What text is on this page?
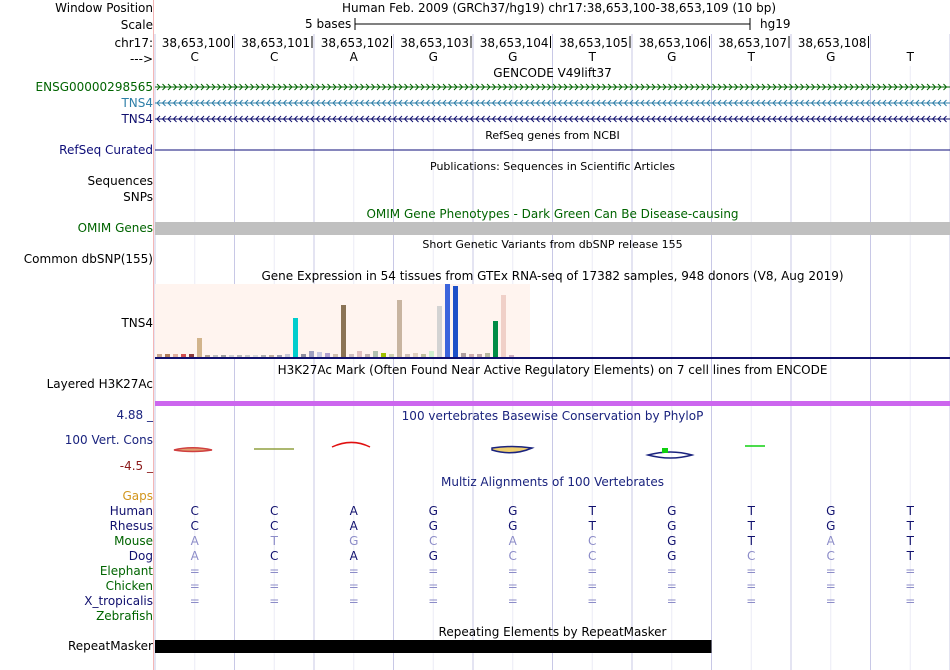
Window Position	Human Feb. 2009 (GRCh37/hg19) chr17:38,653,100-38,653,109 (10 bp)
Scale	5 bases	hg19
chr17:
--->
38,653,100 38,653,101 38,653,102 38,653,103 38,653,104 38,653,105 38,653,106 38,653,107 38,653,108
C	C	A	G	G	T	G	T	G	T
GENCODE V49lift37
ENSG00000298565
TNS4
TNS4
RefSeq genes from NCBI
RefSeq Curated
Publications: Sequences in Scientific Articles
Sequences
SNPs
OMIM Gene Phenotypes - Dark Green Can Be Disease-causing
OMIM Genes
Short Genetic Variants from dbSNP release 155
Common dbSNP(155)
Gene Expression in 54 tissues from GTEx RNA-seq of 17382 samples, 948 donors (V8, Aug 2019)
TNS4
H3K27Ac Mark (Often Found Near Active Regulatory Elements) on 7 cell lines from ENCODE
Layered H3K27Ac
100 vertebrates Basewise Conservation by PhyloP
4.88 _
100 Vert. Cons
-4.5 _
Multiz Alignments of 100 Vertebrates
Gaps
Human	C	C	A	G	G	T	G	T	G	T
Rhesus	C	C	A	G	G	T	G	T	G	T
Mouse	A	T	G	C	A	C	G	T	A	T
Dog	A	C	A	G	C	C	G	C	C	T
Elephant	=	=	=	=	=	=	=	=	=	=
Chicken	=	=	=	=	=	=	=	=	=	=
X_tropicalis	=	=	=	=	=	=	=	=	=	=
Zebrafish
Repeating Elements by RepeatMasker
RepeatMasker
